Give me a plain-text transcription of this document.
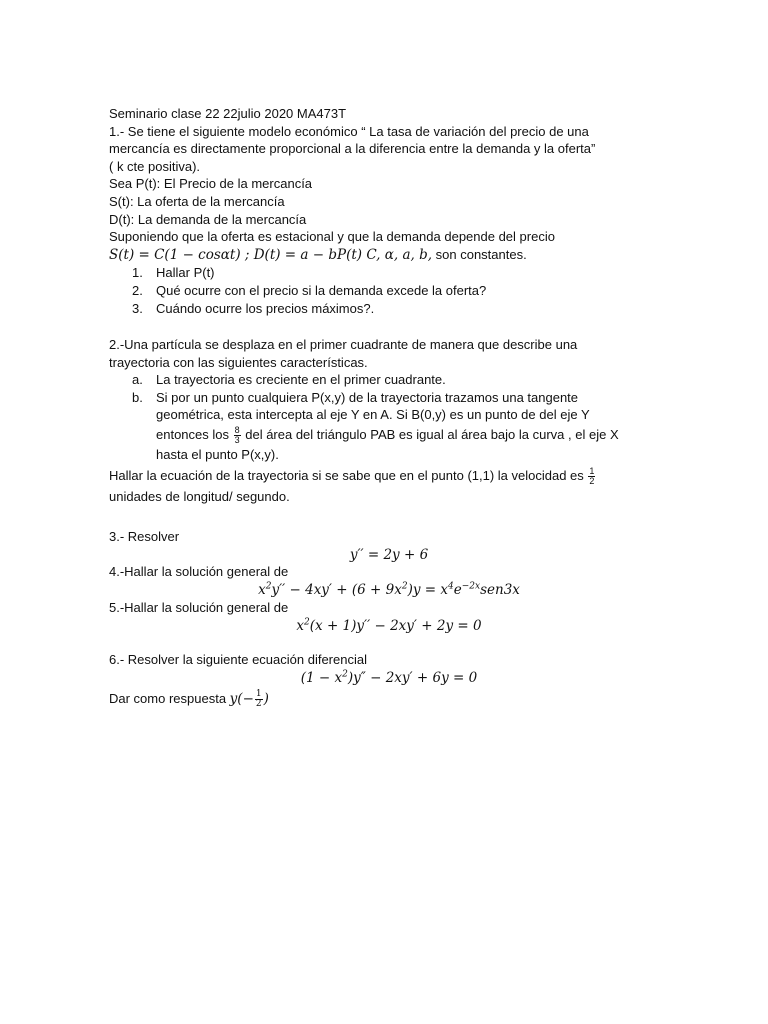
Seminario clase 22 22julio 2020 MA473T

1.- Se tiene el siguiente modelo económico “ La tasa de variación del precio de una

mercancía es directamente proporcional a la diferencia entre la demanda y la oferta”

( k cte positiva).

Sea P(t): El Precio de la mercancía

S(t): La oferta de la mercancía

D(t): La demanda de la mercancía

Suponiendo que la oferta es estacional y que la demanda depende del precio

S(t) = C(1 − cosαt) ; D(t) = a − bP(t) C, α, a, b, son constantes.

1. Hallar P(t)
2. Qué ocurre con el precio si la demanda excede la oferta?
3. Cuándo ocurre los precios máximos?.

2.-Una partícula se desplaza en el primer cuadrante de manera que describe una

trayectoria con las siguientes características.

a. La trayectoria es creciente en el primer cuadrante.
b. Si por un punto cualquiera P(x,y) de la trayectoria trazamos una tangente

geométrica, esta intercepta al eje Y en A. Si B(0,y) es un punto de del eje Y

entonces los $\frac{8}{3}$ del área del triángulo PAB es igual al área bajo la curva , el eje X

hasta el punto P(x,y).

Hallar la ecuación de la trayectoria si se sabe que en el punto (1,1) la velocidad es $\frac{1}{2}$

unidades de longitud/ segundo.

3.- Resolver

y′′ = 2y + 6

4.-Hallar la solución general de

$x^2y'' - 4xy' + (6 + 9x^2)y = x^4e^{-2x}sen3x$

5.-Hallar la solución general de

$x^2(x + 1)y'' - 2xy' + 2y = 0$

6.- Resolver la siguiente ecuación diferencial

$(1 - x^2)y'' - 2xy' + 6y = 0$

Dar como respuesta $y(- \frac{1}{2}$ )
